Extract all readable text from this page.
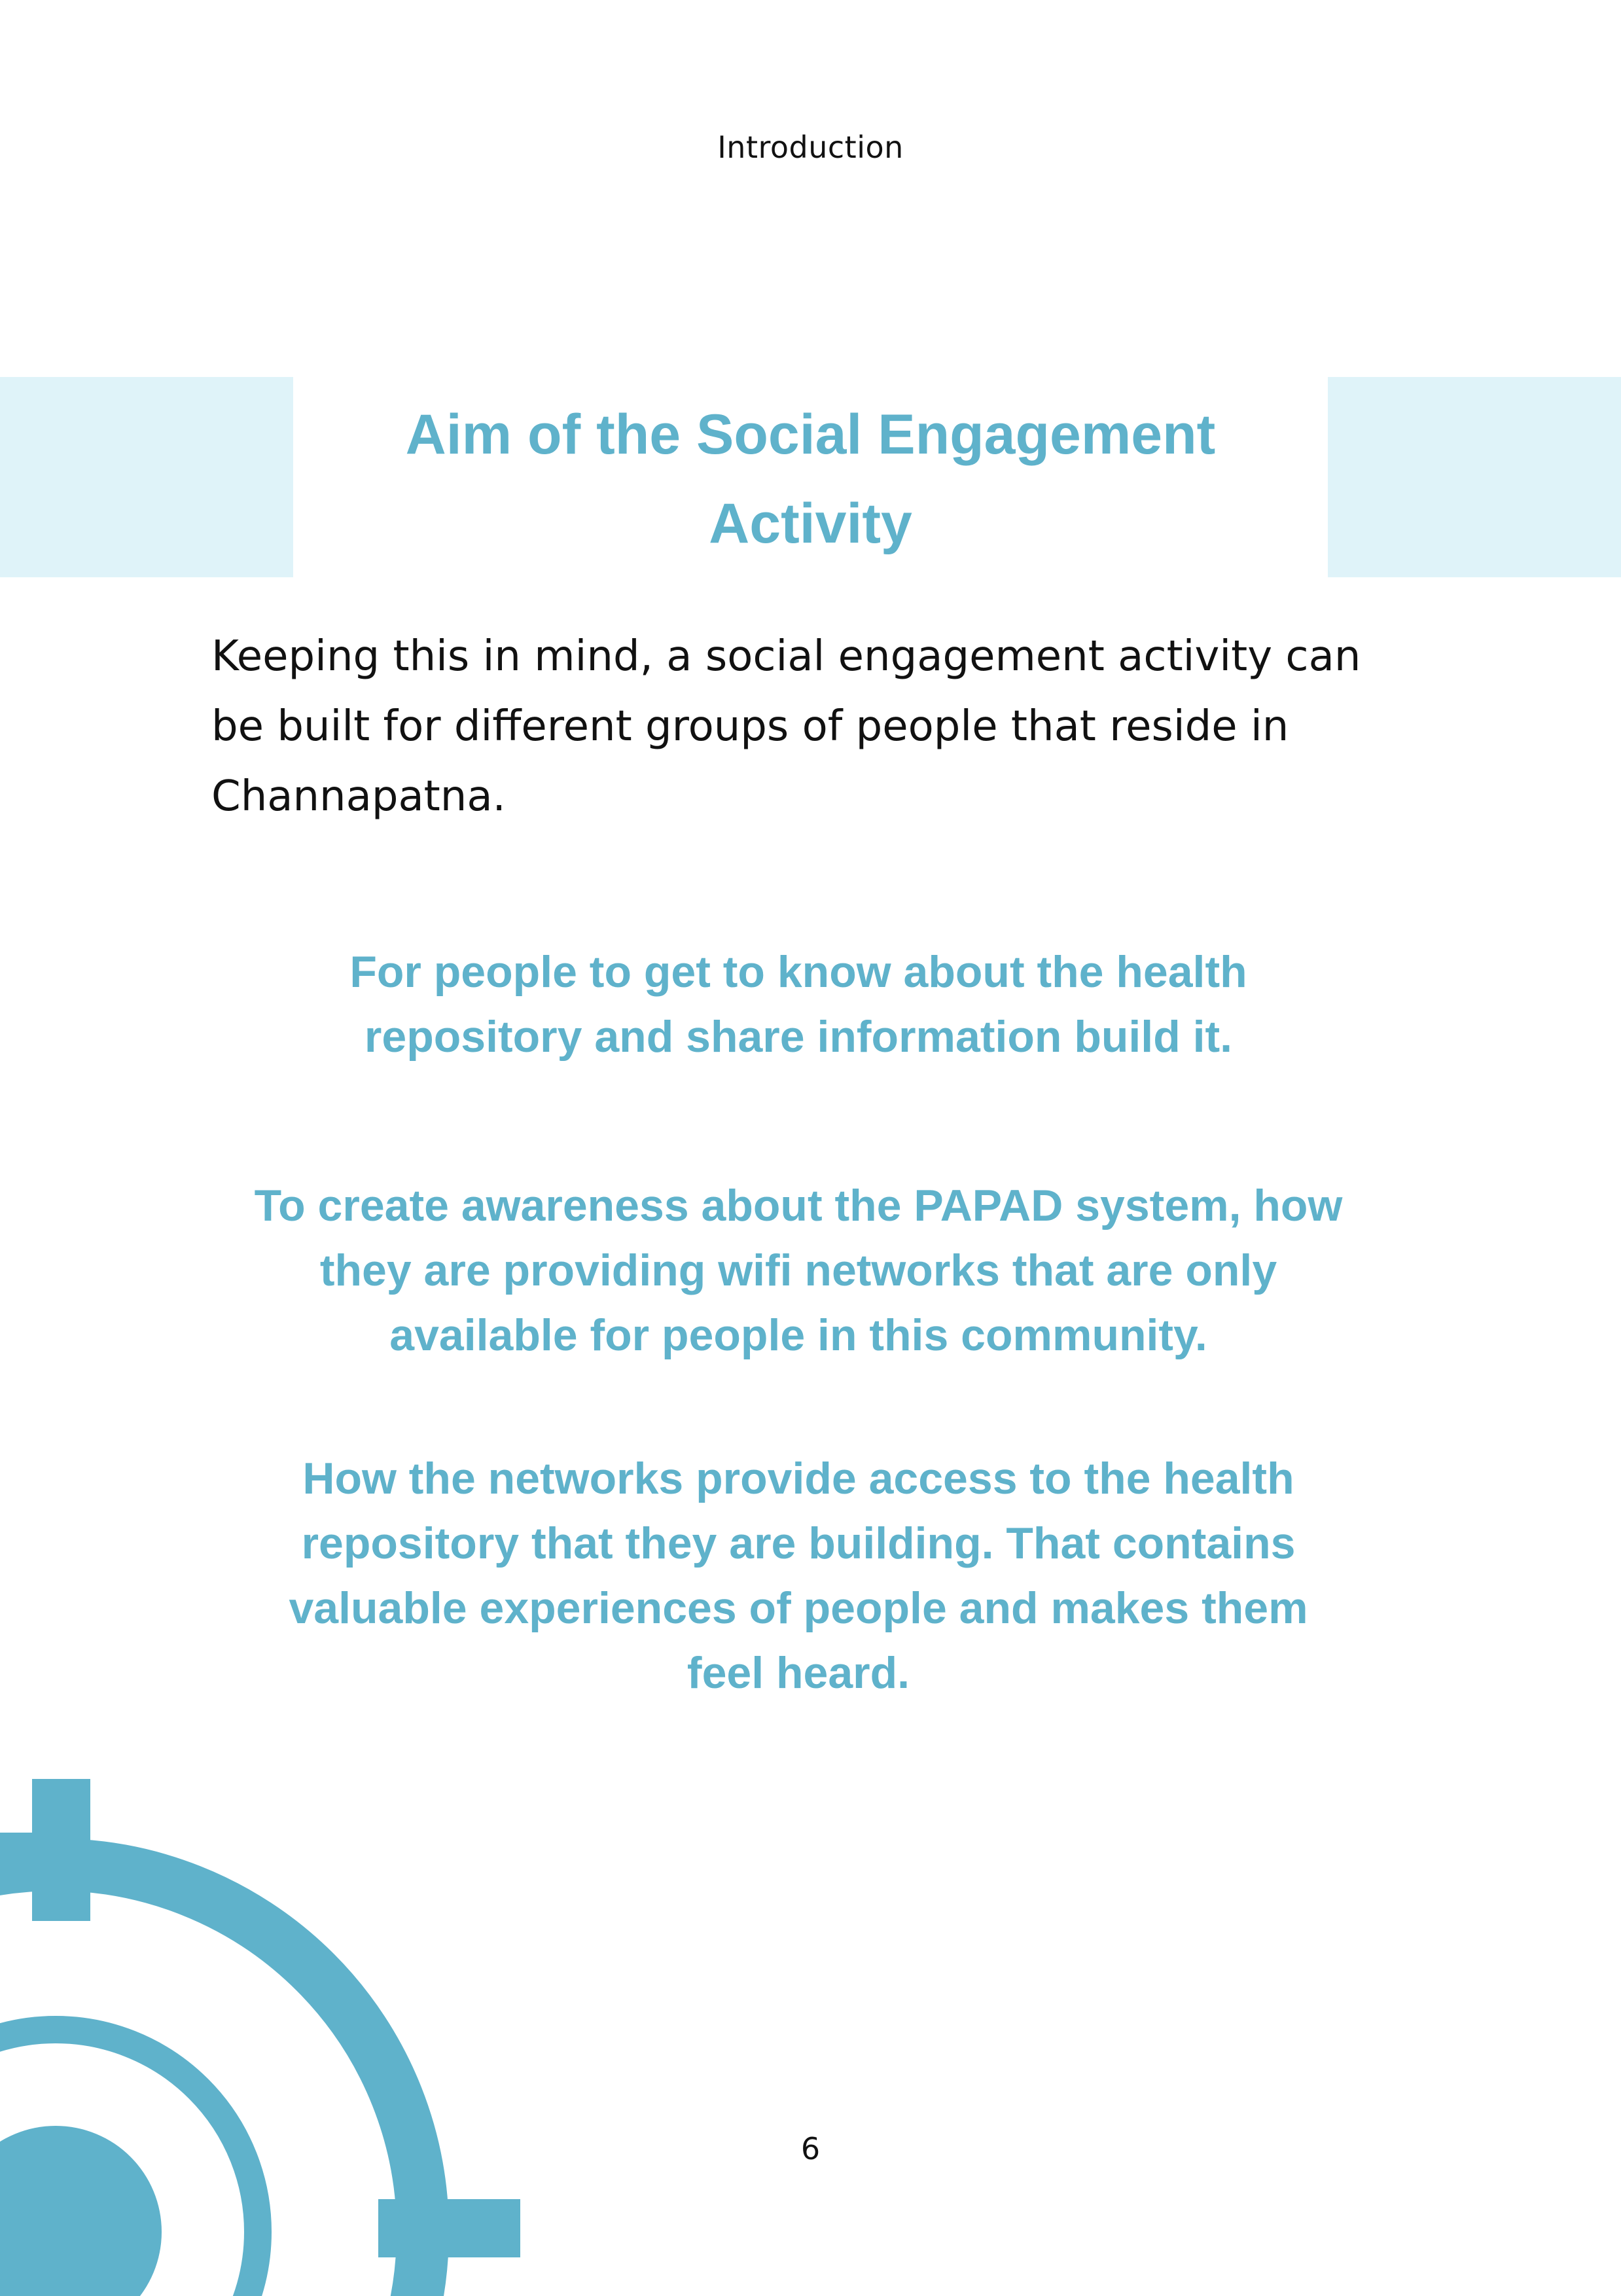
Introduction
Aim of the Social Engagement
Activity

Keeping this in mind, a social engagement activity can be built for different groups of people that reside in Channapatna.

For people to get to know about the health repository and share information build it.

To create awareness about the PAPAD system, how they are providing wifi networks that are only available for people in this community.

How the networks provide access to the health repository that they are building. That contains valuable experiences of people and makes them feel heard.

6
